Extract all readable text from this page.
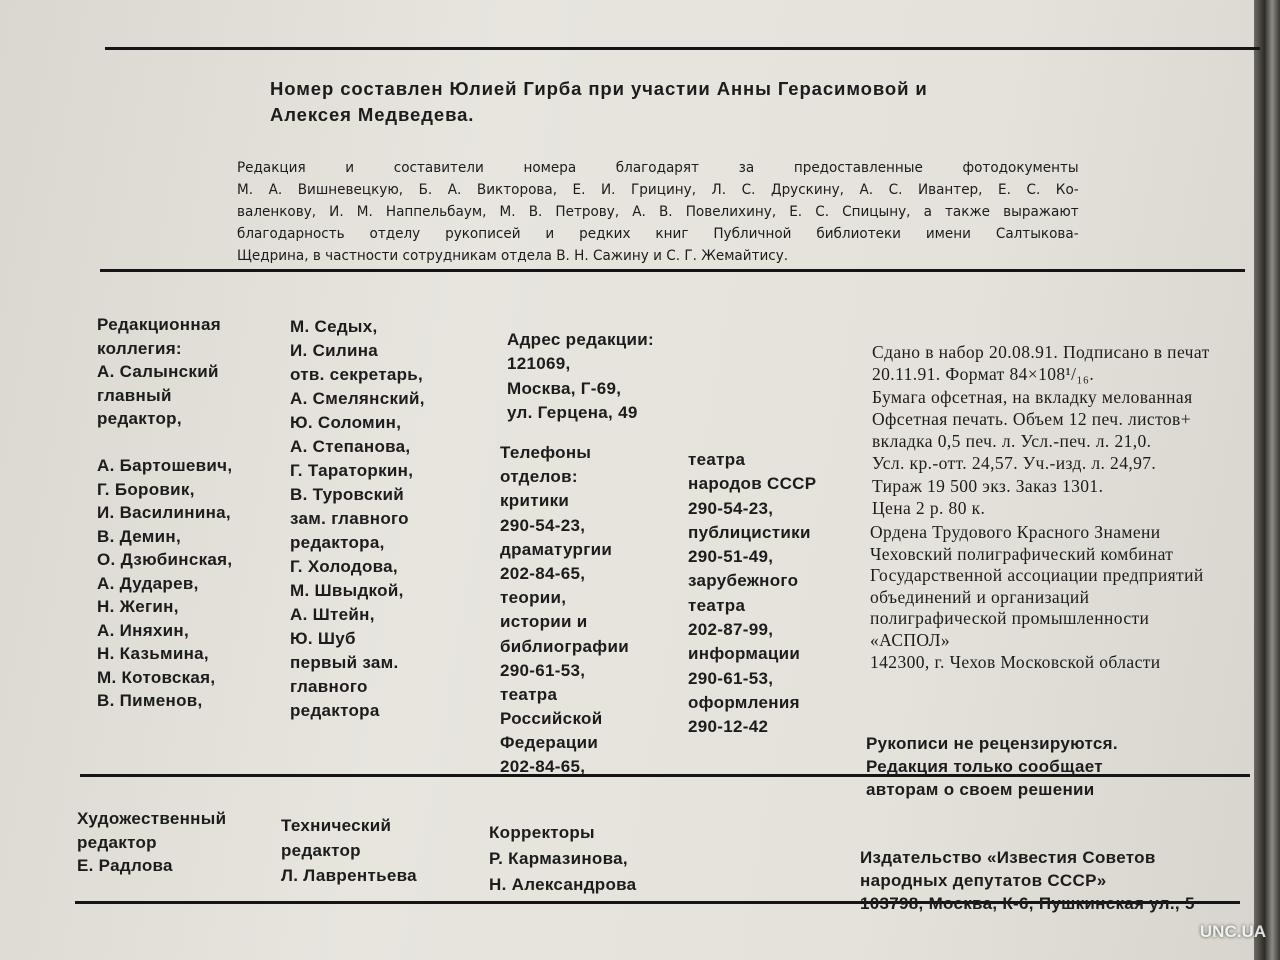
Номер составлен Юлией Гирба при участии Анны Герасимовой и
Алексея Медведева.
Редакция и составители номера благодарят за предоставленные фотодокументы
М. А. Вишневецкую, Б. А. Викторова, Е. И. Грицину, Л. С. Друскину, А. С. Ивантер, Е. С. Ко-
валенкову, И. М. Наппельбаум, М. В. Петрову, А. В. Повелихину, Е. С. Спицыну, а также выражают
благодарность отделу рукописей и редких книг Публичной библиотеки имени Салтыкова-
Щедрина, в частности сотрудникам отдела В. Н. Сажину и С. Г. Жемайтису.
Редакционная
коллегия:
А. Салынский
главный
редактор,

А. Бартошевич,
Г. Боровик,
И. Василинина,
В. Демин,
О. Дзюбинская,
А. Дударев,
Н. Жегин,
А. Иняхин,
Н. Казьмина,
М. Котовская,
В. Пименов,
М. Седых,
И. Силина
отв. секретарь,
А. Смелянский,
Ю. Соломин,
А. Степанова,
Г. Тараторкин,
В. Туровский
зам. главного
редактора,
Г. Холодова,
М. Швыдкой,
А. Штейн,
Ю. Шуб
первый зам.
главного
редактора
Адрес редакции:
121069,
Москва, Г-69,
ул. Герцена, 49
Телефоны
отделов:
критики
290-54-23,
драматургии
202-84-65,
теории,
истории и
библиографии
290-61-53,
театра
Российской
Федерации
202-84-65,
театра
народов СССР
290-54-23,
публицистики
290-51-49,
зарубежного
театра
202-87-99,
информации
290-61-53,
оформления
290-12-42
Сдано в набор 20.08.91. Подписано в печат
20.11.91. Формат 84×108¹/₁₆.
Бумага офсетная, на вкладку мелованная
Офсетная печать. Объем 12 печ. листов+
вкладка 0,5 печ. л. Усл.-печ. л. 21,0.
Усл. кр.-отт. 24,57. Уч.-изд. л. 24,97.
Тираж 19 500 экз. Заказ 1301.
Цена 2 р. 80 к.
Ордена Трудового Красного Знамени
Чеховский полиграфический комбинат
Государственной ассоциации предприятий
объединений и организаций
полиграфической промышленности
«АСПОЛ»
142300, г. Чехов Московской области
Рукописи не рецензируются.
Редакция только сообщает
авторам о своем решении
Художественный
редактор
Е. Радлова
Технический
редактор
Л. Лаврентьева
Корректоры
Р. Кармазинова,
Н. Александрова
Издательство «Известия Советов
народных депутатов СССР»
103798, Москва, К-6, Пушкинская ул., 5
UNC.UA
